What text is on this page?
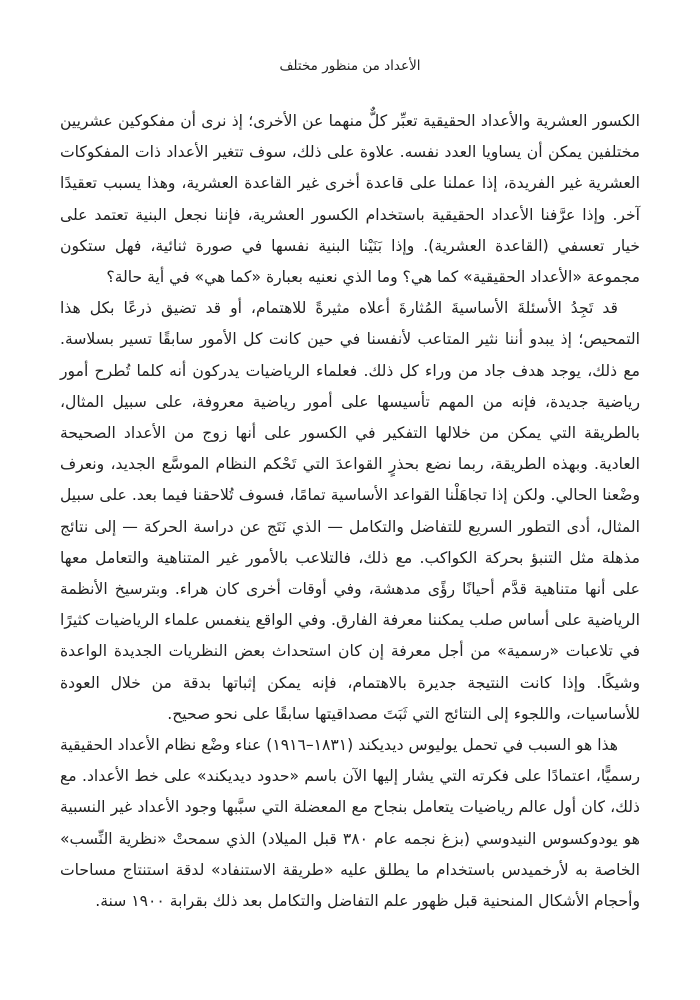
الأعداد من منظور مختلف

الكسور العشرية والأعداد الحقيقية تعبِّر كلٌّ منهما عن الأخرى؛ إذ نرى أن مفكوكين عشريين مختلفين يمكن أن يساويا العدد نفسه. علاوة على ذلك، سوف تتغير الأعداد ذات المفكوكات العشرية غير الفريدة، إذا عملنا على قاعدة أخرى غير القاعدة العشرية، وهذا يسبب تعقيدًا آخر. وإذا عرَّفنا الأعداد الحقيقية باستخدام الكسور العشرية، فإننا نجعل البنية تعتمد على خيار تعسفي (القاعدة العشرية). وإذا بَنَيْنا البنية نفسها في صورة ثنائية، فهل ستكون مجموعة «الأعداد الحقيقية» كما هي؟ وما الذي نعنيه بعبارة «كما هي» في أية حالة؟

قد تَجِدُ الأسئلةَ الأساسيةَ المُثارةَ أعلاه مثيرةً للاهتمام، أو قد تضيق ذرعًا بكل هذا التمحيص؛ إذ يبدو أننا نثير المتاعب لأنفسنا في حين كانت كل الأمور سابقًا تسير بسلاسة. مع ذلك، يوجد هدف جاد من وراء كل ذلك. فعلماء الرياضيات يدركون أنه كلما تُطرح أمور رياضية جديدة، فإنه من المهم تأسيسها على أمور رياضية معروفة، على سبيل المثال، بالطريقة التي يمكن من خلالها التفكير في الكسور على أنها زوج من الأعداد الصحيحة العادية. وبهذه الطريقة، ربما نضع بحذرٍ القواعدَ التي تَحْكم النظام الموسَّع الجديد، ونعرف وضْعنا الحالي. ولكن إذا تجاهَلْنا القواعد الأساسية تمامًا، فسوف تُلاحقنا فيما بعد. على سبيل المثال، أدى التطور السريع للتفاضل والتكامل — الذي نَتَج عن دراسة الحركة — إلى نتائج مذهلة مثل التنبؤ بحركة الكواكب. مع ذلك، فالتلاعب بالأمور غير المتناهية والتعامل معها على أنها متناهية قدَّم أحيانًا رؤًى مدهشة، وفي أوقات أخرى كان هراء. وبترسيخ الأنظمة الرياضية على أساس صلب يمكننا معرفة الفارق. وفي الواقع ينغمس علماء الرياضيات كثيرًا في تلاعبات «رسمية» من أجل معرفة إن كان استحداث بعض النظريات الجديدة الواعدة وشيكًا. وإذا كانت النتيجة جديرة بالاهتمام، فإنه يمكن إثباتها بدقة من خلال العودة للأساسيات، واللجوء إلى النتائج التي ثَبَتَ مصداقيتها سابقًا على نحو صحيح.

هذا هو السبب في تحمل يوليوس ديديكند (١٨٣١–١٩١٦) عناء وضْع نظام الأعداد الحقيقية رسميًّا، اعتمادًا على فكرته التي يشار إليها الآن باسم «حدود ديديكند» على خط الأعداد. مع ذلك، كان أول عالم رياضيات يتعامل بنجاح مع المعضلة التي سبَّبها وجود الأعداد غير النسبية هو يودوكسوس النيدوسي (بزغ نجمه عام ٣٨٠ قبل الميلاد) الذي سمحتْ «نظرية النِّسب» الخاصة به لأرخميدس باستخدام ما يطلق عليه «طريقة الاستنفاد» لدقة استنتاج مساحات وأحجام الأشكال المنحنية قبل ظهور علم التفاضل والتكامل بعد ذلك بقرابة ١٩٠٠ سنة.
